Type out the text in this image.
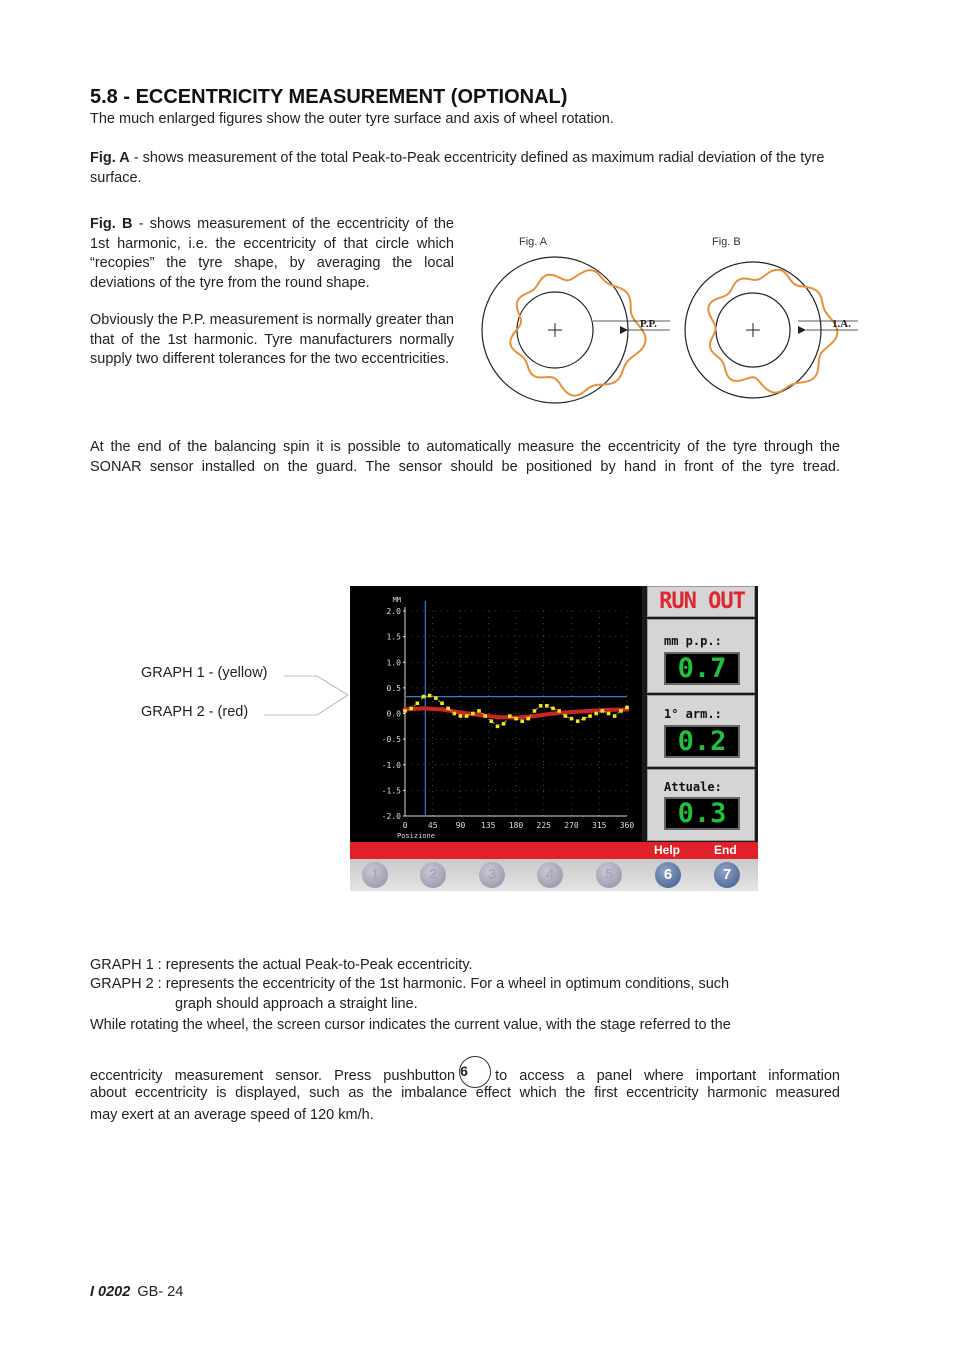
5.8 - ECCENTRICITY MEASUREMENT (OPTIONAL)

The much enlarged figures show the outer tyre surface and axis of wheel rotation.

Fig. A - shows measurement of the total Peak-to-Peak eccentricity defined as maximum radial deviation of the tyre surface.

Fig. B - shows measurement of the eccentricity of the 1st harmonic, i.e. the eccentricity of that circle which “recopies” the tyre shape, by averaging the local deviations of the tyre from the round shape.

Obviously the P.P. measurement is normally greater than that of the 1st harmonic. Tyre manufacturers normally supply two different tolerances for the two eccentricities.

Fig. A	Fig. B
P.P.	1.A.

At the end of the balancing spin it is possible to automatically measure the eccentricity of the tyre through the SONAR sensor installed on the guard. The sensor should be positioned by hand in front of the tyre tread.

GRAPH 1 - (yellow)
GRAPH 2 - (red)
2.0
1.5
1.0
0.5
0.0
-0.5
-1.0
-1.5
-2.0
0	45 90 135 180 225 270 315 360
MM
Posizione
RUN OUT
mm p.p.:
0.7
1° arm.:
0.2
Attuale:
0.3
Help	End
1	2	3	4	5	6	7

GRAPH 1 : represents the actual Peak-to-Peak eccentricity.

GRAPH 2 : represents the eccentricity of the 1st harmonic. For a wheel in optimum conditions, such

graph should approach a straight line.

While rotating the wheel, the screen cursor indicates the current value, with the stage referred to the

eccentricity measurement sensor. Press pushbutton 6 to access a panel where important information

about eccentricity is displayed, such as the imbalance effect which the first eccentricity harmonic measured

may exert at an average speed of 120 km/h.

I 0202 GB- 24
